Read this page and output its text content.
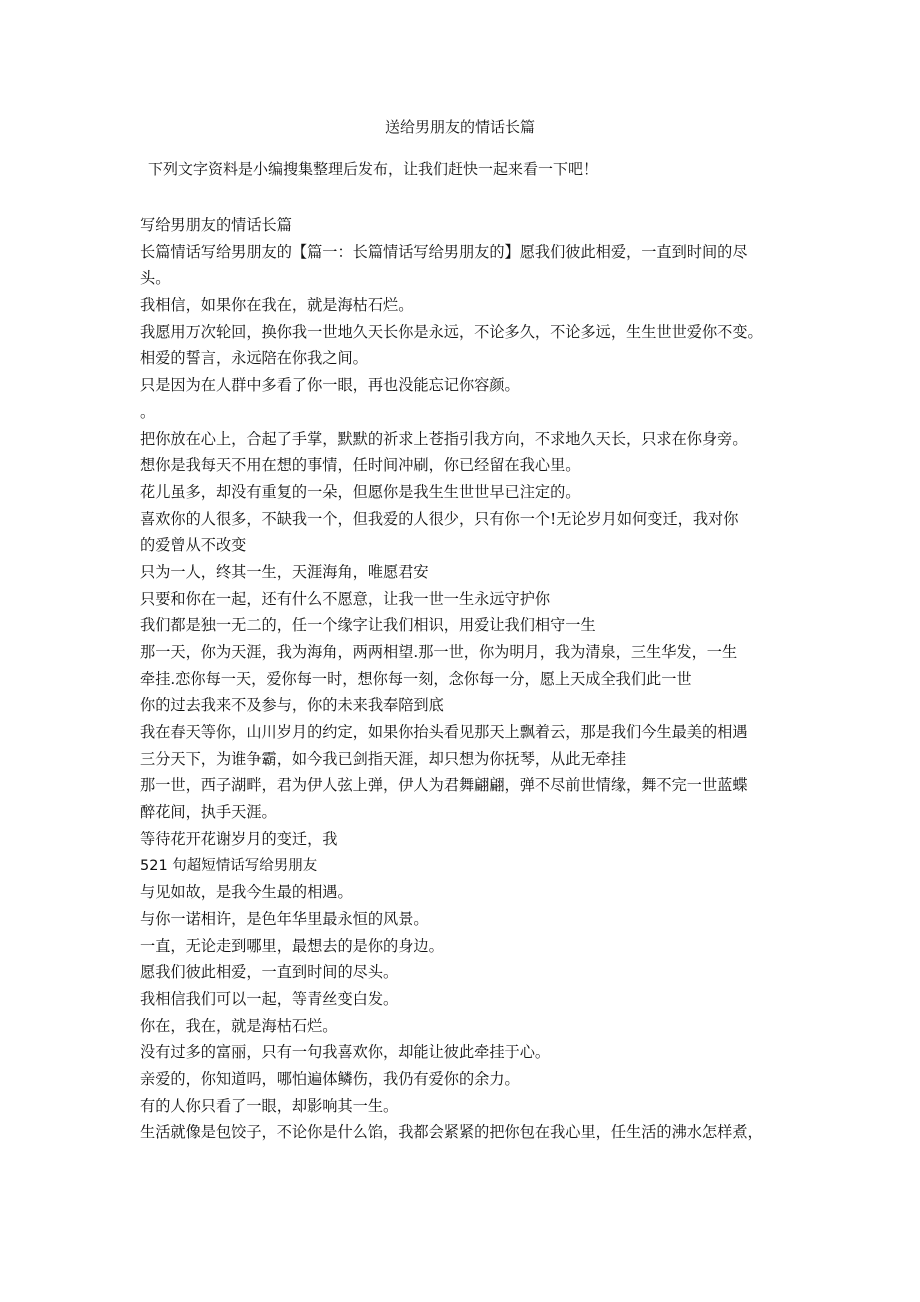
送给男朋友的情话长篇
下列文字资料是小编搜集整理后发布，让我们赶快一起来看一下吧！
写给男朋友的情话长篇
长篇情话写给男朋友的【篇一：长篇情话写给男朋友的】愿我们彼此相爱，一直到时间的尽
头。
我相信，如果你在我在，就是海枯石烂。
我愿用万次轮回，换你我一世地久天长你是永远，不论多久，不论多远，生生世世爱你不变。
相爱的誓言，永远陪在你我之间。
只是因为在人群中多看了你一眼，再也没能忘记你容颜。
。
把你放在心上，合起了手掌，默默的祈求上苍指引我方向，不求地久天长，只求在你身旁。
想你是我每天不用在想的事情，任时间冲刷，你已经留在我心里。
花儿虽多，却没有重复的一朵，但愿你是我生生世世早已注定的。
喜欢你的人很多，不缺我一个，但我爱的人很少，只有你一个!无论岁月如何变迁，我对你
的爱曾从不改变
只为一人，终其一生，天涯海角，唯愿君安
只要和你在一起，还有什么不愿意，让我一世一生永远守护你
我们都是独一无二的，任一个缘字让我们相识，用爱让我们相守一生
那一天，你为天涯，我为海角，两两相望.那一世，你为明月，我为清泉，三生华发，一生
牵挂.恋你每一天，爱你每一时，想你每一刻，念你每一分，愿上天成全我们此一世
你的过去我来不及参与，你的未来我奉陪到底
我在春天等你，山川岁月的约定，如果你抬头看见那天上飘着云，那是我们今生最美的相遇
三分天下，为谁争霸，如今我已剑指天涯，却只想为你抚琴，从此无牵挂
那一世，西子湖畔，君为伊人弦上弹，伊人为君舞翩翩，弹不尽前世情缘，舞不完一世蓝蝶
醉花间，执手天涯。
等待花开花谢岁月的变迁，我
521 句超短情话写给男朋友
与见如故，是我今生最的相遇。
与你一诺相许，是色年华里最永恒的风景。
一直，无论走到哪里，最想去的是你的身边。
愿我们彼此相爱，一直到时间的尽头。
我相信我们可以一起，等青丝变白发。
你在，我在，就是海枯石烂。
没有过多的富丽，只有一句我喜欢你，却能让彼此牵挂于心。
亲爱的，你知道吗，哪怕遍体鳞伤，我仍有爱你的余力。
有的人你只看了一眼，却影响其一生。
生活就像是包饺子，不论你是什么馅，我都会紧紧的把你包在我心里，任生活的沸水怎样煮，
